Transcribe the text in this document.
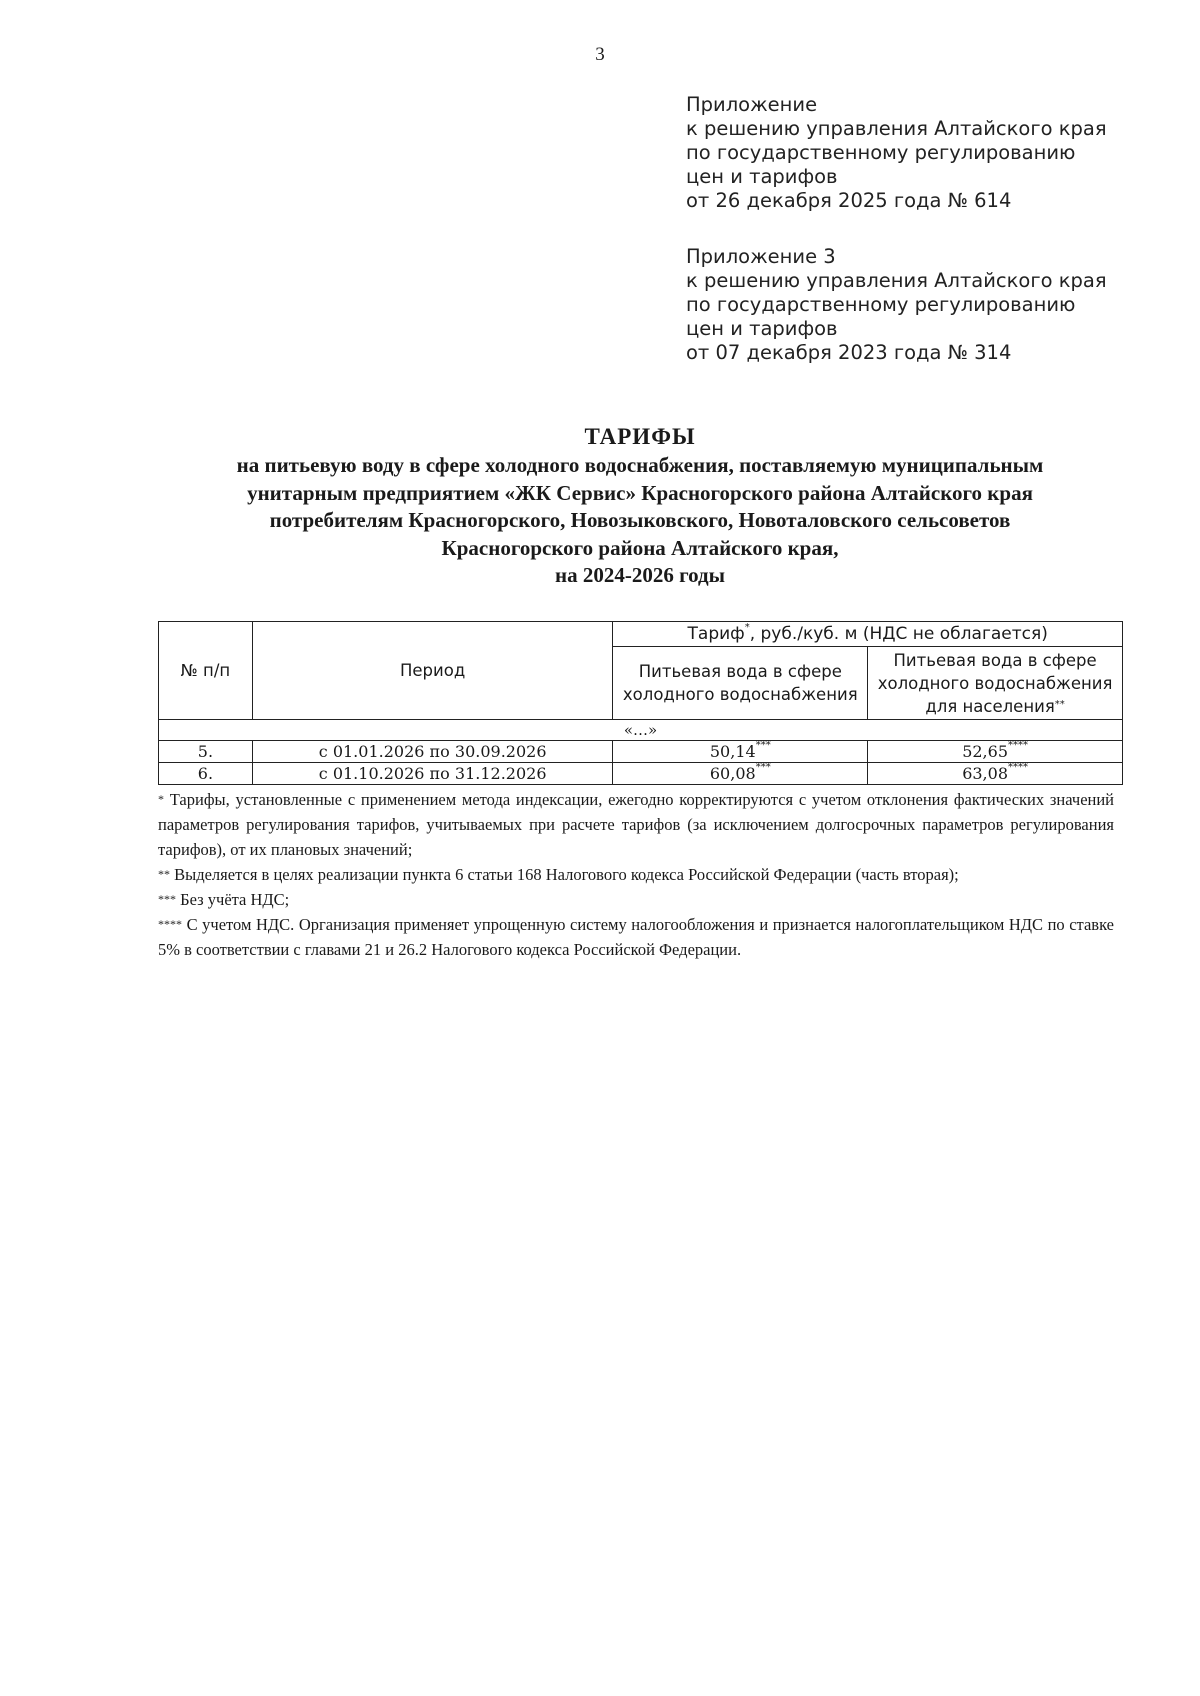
3
Приложение
к решению управления Алтайского края
по государственному регулированию
цен и тарифов
от 26 декабря 2025 года № 614
Приложение 3
к решению управления Алтайского края
по государственному регулированию
цен и тарифов
от 07 декабря 2023 года № 314
ТАРИФЫ
на питьевую воду в сфере холодного водоснабжения, поставляемую муниципальным
унитарным предприятием «ЖК Сервис» Красногорского района Алтайского края
потребителям Красногорского, Новозыковского, Новоталовского сельсоветов
Красногорского района Алтайского края,
на 2024-2026 годы
№ п/п	Период	Тариф*, руб./куб. м (НДС не облагается)	
		Питьевая вода в сфере холодного водоснабжения	Питьевая вода в сфере холодного водоснабжения для населения**
«…»			
5.	с 01.01.2026 по 30.09.2026	50,14***	52,65****
6.	с 01.10.2026 по 31.12.2026	60,08***	63,08****

* Тарифы, установленные с применением метода индексации, ежегодно корректируются с учетом отклонения фактических значений параметров регулирования тарифов, учитываемых при расчете тарифов (за исключением долгосрочных параметров регулирования тарифов), от их плановых значений;

** Выделяется в целях реализации пункта 6 статьи 168 Налогового кодекса Российской Федерации (часть вторая);

*** Без учёта НДС;

**** С учетом НДС. Организация применяет упрощенную систему налогообложения и признается налогоплательщиком НДС по ставке 5% в соответствии с главами 21 и 26.2 Налогового кодекса Российской Федерации.
